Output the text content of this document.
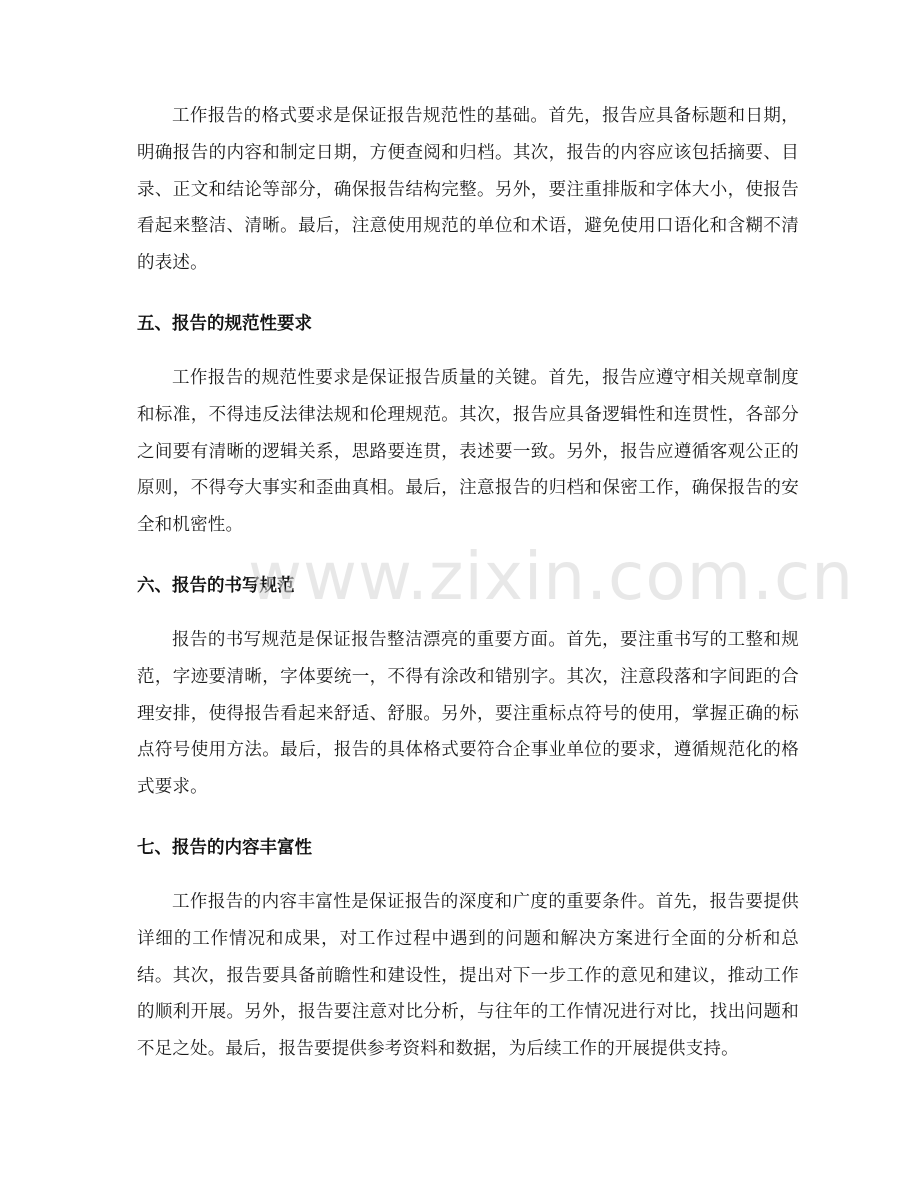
工作报告的格式要求是保证报告规范性的基础。首先，报告应具备标题和日期，明确报告的内容和制定日期，方便查阅和归档。其次，报告的内容应该包括摘要、目录、正文和结论等部分，确保报告结构完整。另外，要注重排版和字体大小，使报告看起来整洁、清晰。最后，注意使用规范的单位和术语，避免使用口语化和含糊不清的表述。

五、报告的规范性要求

工作报告的规范性要求是保证报告质量的关键。首先，报告应遵守相关规章制度和标准，不得违反法律法规和伦理规范。其次，报告应具备逻辑性和连贯性，各部分之间要有清晰的逻辑关系，思路要连贯，表述要一致。另外，报告应遵循客观公正的原则，不得夸大事实和歪曲真相。最后，注意报告的归档和保密工作，确保报告的安全和机密性。

六、报告的书写规范

报告的书写规范是保证报告整洁漂亮的重要方面。首先，要注重书写的工整和规范，字迹要清晰，字体要统一，不得有涂改和错别字。其次，注意段落和字间距的合理安排，使得报告看起来舒适、舒服。另外，要注重标点符号的使用，掌握正确的标点符号使用方法。最后，报告的具体格式要符合企事业单位的要求，遵循规范化的格式要求。

七、报告的内容丰富性

工作报告的内容丰富性是保证报告的深度和广度的重要条件。首先，报告要提供详细的工作情况和成果，对工作过程中遇到的问题和解决方案进行全面的分析和总结。其次，报告要具备前瞻性和建设性，提出对下一步工作的意见和建议，推动工作的顺利开展。另外，报告要注意对比分析，与往年的工作情况进行对比，找出问题和不足之处。最后，报告要提供参考资料和数据，为后续工作的开展提供支持。

www.zixin.com.cn
